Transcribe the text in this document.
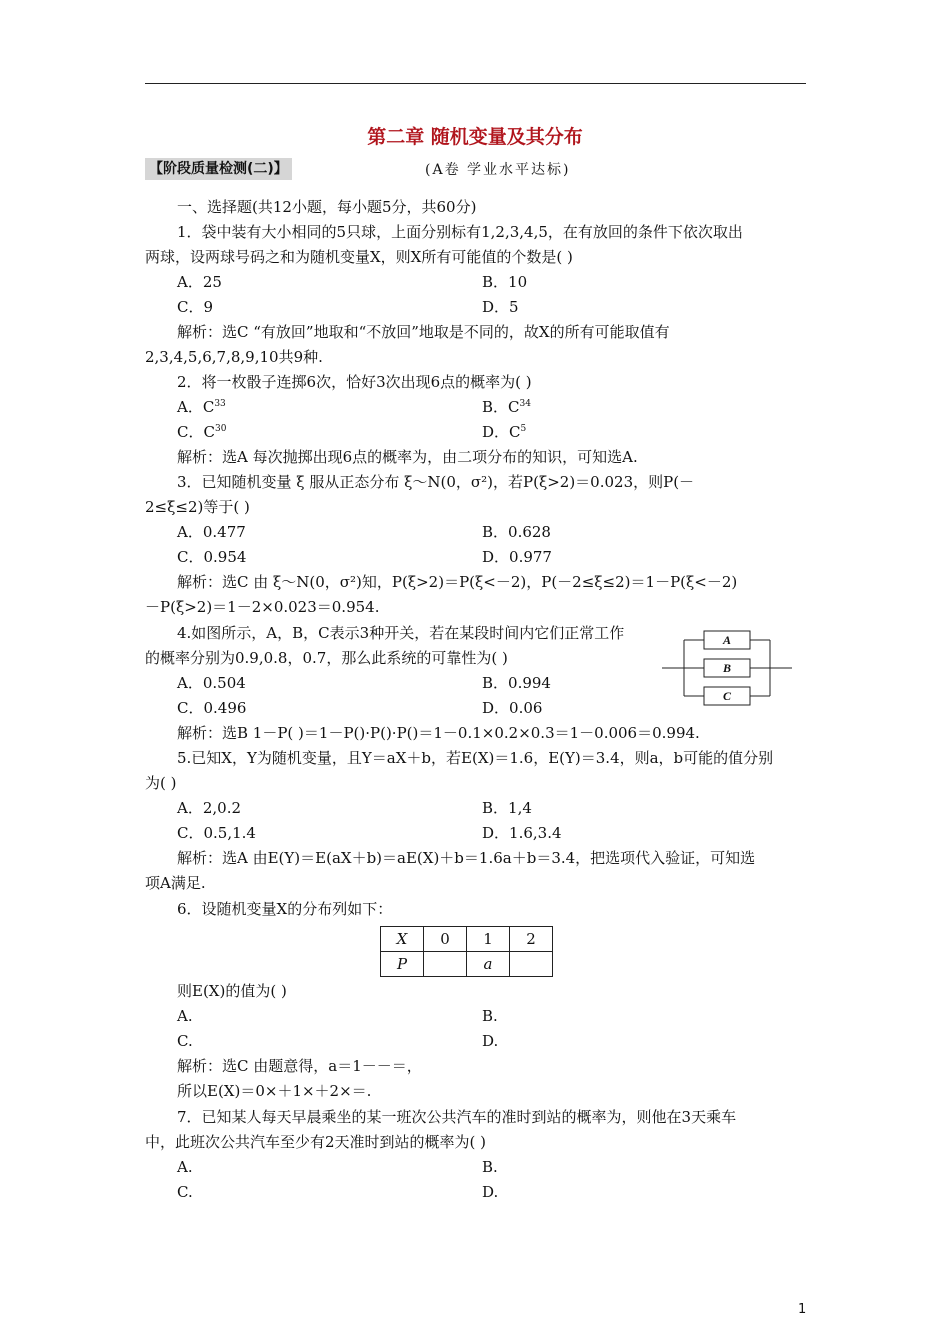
第二章 随机变量及其分布
【阶段质量检测(二)】	(A卷 学业水平达标)
一、选择题(共12小题，每小题5分，共60分)
1．袋中装有大小相同的5只球，上面分别标有1,2,3,4,5，在有放回的条件下依次取出
两球，设两球号码之和为随机变量X，则X所有可能值的个数是( )
A．25	B．10
C．9	D．5
解析：选C “有放回”地取和“不放回”地取是不同的，故X的所有可能取值有
2,3,4,5,6,7,8,9,10共9种.
2．将一枚骰子连掷6次，恰好3次出现6点的概率为( )
A．$C^{33}$	B．$C^{34}$
C．$C^{30}$	D．$C^5$
解析：选A 每次抛掷出现6点的概率为，由二项分布的知识，可知选A.
3．已知随机变量 ξ 服从正态分布 ξ～N(0，σ²)，若P(ξ>2)＝0.023，则P(－
2≤ξ≤2)等于( )
A．0.477	B．0.628
C．0.954	D．0.977
解析：选C 由 ξ～N(0，σ²)知，P(ξ>2)＝P(ξ<－2)，P(－2≤ξ≤2)＝1－P(ξ<－2)
－P(ξ>2)＝1－2×0.023＝0.954.
4.如图所示，A，B，C表示3种开关，若在某段时间内它们正常工作
的概率分别为0.9,0.8，0.7，那么此系统的可靠性为( )
A．0.504	B．0.994
C．0.496	D．0.06
解析：选B 1－P( )＝1－P()·P()·P()＝1－0.1×0.2×0.3＝1－0.006＝0.994.
A
B
C
5.已知X，Y为随机变量，且Y＝aX＋b，若E(X)＝1.6，E(Y)＝3.4，则a，b可能的值分别
为( )
A．2,0.2	B．1,4
C．0.5,1.4	D．1.6,3.4
解析：选A 由E(Y)＝E(aX＋b)＝aE(X)＋b＝1.6a＋b＝3.4，把选项代入验证，可知选
项A满足.
6．设随机变量X的分布列如下：
X	0	1	2
P		a	
则E(X)的值为( )
A.	B.
C.	D.
解析：选C 由题意得，a＝1－－＝，
所以E(X)＝0×＋1×＋2×＝.
7．已知某人每天早晨乘坐的某一班次公共汽车的准时到站的概率为，则他在3天乘车
中，此班次公共汽车至少有2天准时到站的概率为( )
A.	B.
C.	D.
1
